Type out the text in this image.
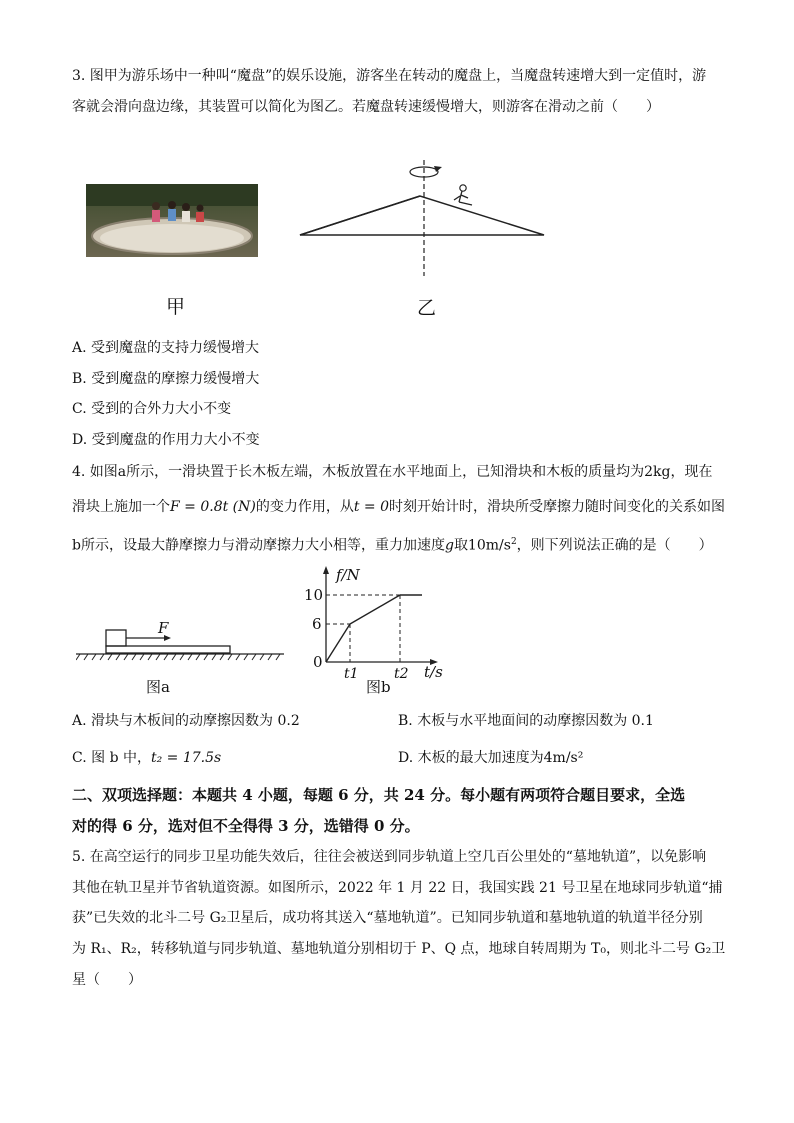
3. 图甲为游乐场中一种叫“魔盘”的娱乐设施，游客坐在转动的魔盘上，当魔盘转速增大到一定值时，游
客就会滑向盘边缘，其装置可以简化为图乙。若魔盘转速缓慢增大，则游客在滑动之前（　　）
甲	乙
A. 受到魔盘的支持力缓慢增大
B. 受到魔盘的摩擦力缓慢增大
C. 受到的合外力大小不变
D. 受到魔盘的作用力大小不变
4. 如图a所示，一滑块置于长木板左端，木板放置在水平地面上，已知滑块和木板的质量均为2kg，现在
滑块上施加一个F = 0.8t (N)的变力作用，从t = 0时刻开始计时，滑块所受摩擦力随时间变化的关系如图
b所示，设最大静摩擦力与滑动摩擦力大小相等，重力加速度g取$10m/s^2$，则下列说法正确的是（　　）
F
图a
f/N
10
6
0
t1	t2 t/s
图b
A. 滑块与木板间的动摩擦因数为 0.2	B. 木板与水平地面间的动摩擦因数为 0.1
C. 图 b 中，t₂ = 17.5s	D. 木板的最大加速度为4m/s²
二、双项选择题：本题共 4 小题，每题 6 分，共 24 分。每小题有两项符合题目要求，全选
对的得 6 分，选对但不全得得 3 分，选错得 0 分。
5. 在高空运行的同步卫星功能失效后，往往会被送到同步轨道上空几百公里处的“墓地轨道”，以免影响
其他在轨卫星并节省轨道资源。如图所示，2022 年 1 月 22 日，我国实践 21 号卫星在地球同步轨道“捕
获”已失效的北斗二号 G₂卫星后，成功将其送入“墓地轨道”。已知同步轨道和墓地轨道的轨道半径分别
为 R₁、R₂，转移轨道与同步轨道、墓地轨道分别相切于 P、Q 点，地球自转周期为 T₀，则北斗二号 G₂卫
星（　　）
